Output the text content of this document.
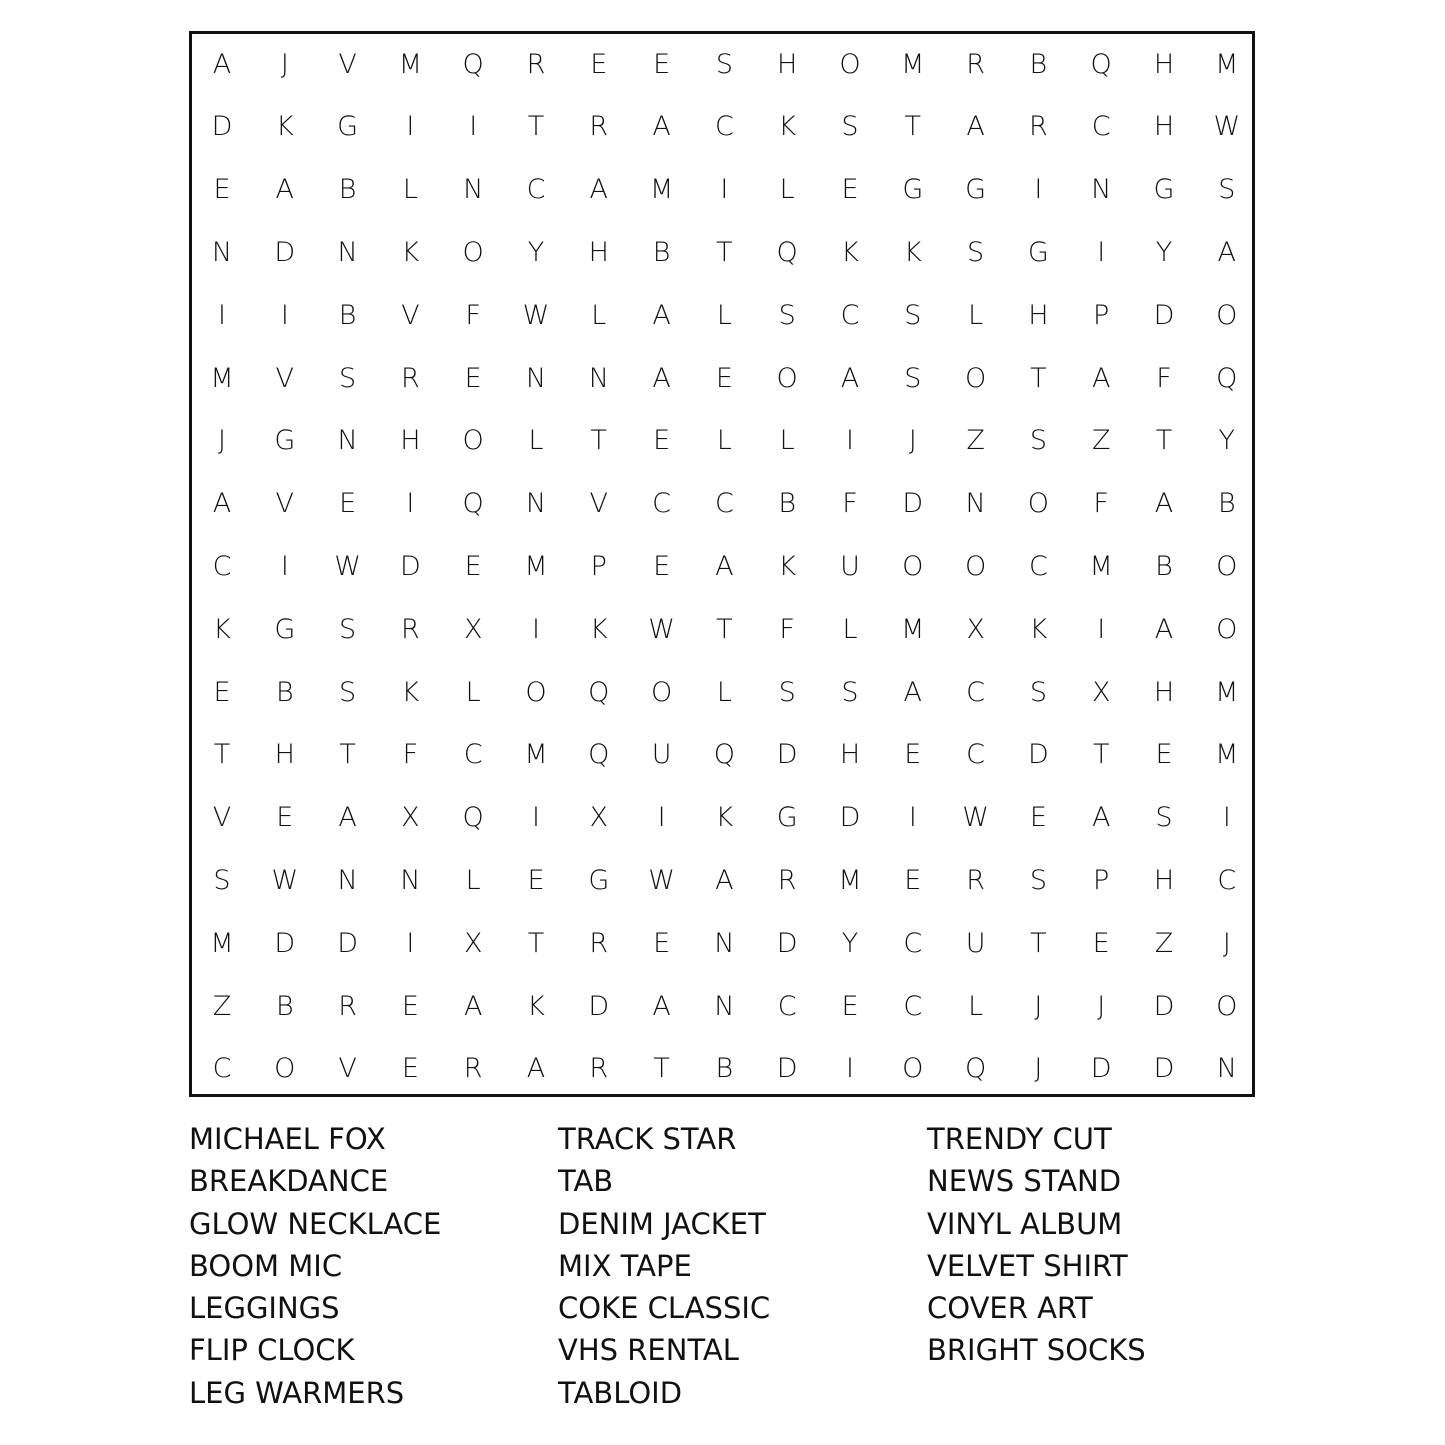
A	J	V	M	Q	R	E	E	S	H	O	M	R	B	Q	H	M
D	K	G	I	I	T	R	A	C	K	S	T	A	R	C	H	W
E	A	B	L	N	C	A	M	I	L	E	G	G	I	N	G	S
N	D	N	K	O	Y	H	B	T	Q	K	K	S	G	I	Y	A
I	I	B	V	F	W	L	A	L	S	C	S	L	H	P	D	O
M	V	S	R	E	N	N	A	E	O	A	S	O	T	A	F	Q
J	G	N	H	O	L	T	E	L	L	I	J	Z	S	Z	T	Y
A	V	E	I	Q	N	V	C	C	B	F	D	N	O	F	A	B
C	I	W	D	E	M	P	E	A	K	U	O	O	C	M	B	O
K	G	S	R	X	I	K	W	T	F	L	M	X	K	I	A	O
E	B	S	K	L	O	Q	O	L	S	S	A	C	S	X	H	M
T	H	T	F	C	M	Q	U	Q	D	H	E	C	D	T	E	M
V	E	A	X	Q	I	X	I	K	G	D	I	W	E	A	S	I
S	W	N	N	L	E	G	W	A	R	M	E	R	S	P	H	C
M	D	D	I	X	T	R	E	N	D	Y	C	U	T	E	Z	J
Z	B	R	E	A	K	D	A	N	C	E	C	L	J	J	D	O
C	O	V	E	R	A	R	T	B	D	I	O	Q	J	D	D	N
MICHAEL FOX
BREAKDANCE
GLOW NECKLACE
BOOM MIC
LEGGINGS
FLIP CLOCK
LEG WARMERS
TRACK STAR
TAB
DENIM JACKET
MIX TAPE
COKE CLASSIC
VHS RENTAL
TABLOID
TRENDY CUT
NEWS STAND
VINYL ALBUM
VELVET SHIRT
COVER ART
BRIGHT SOCKS
